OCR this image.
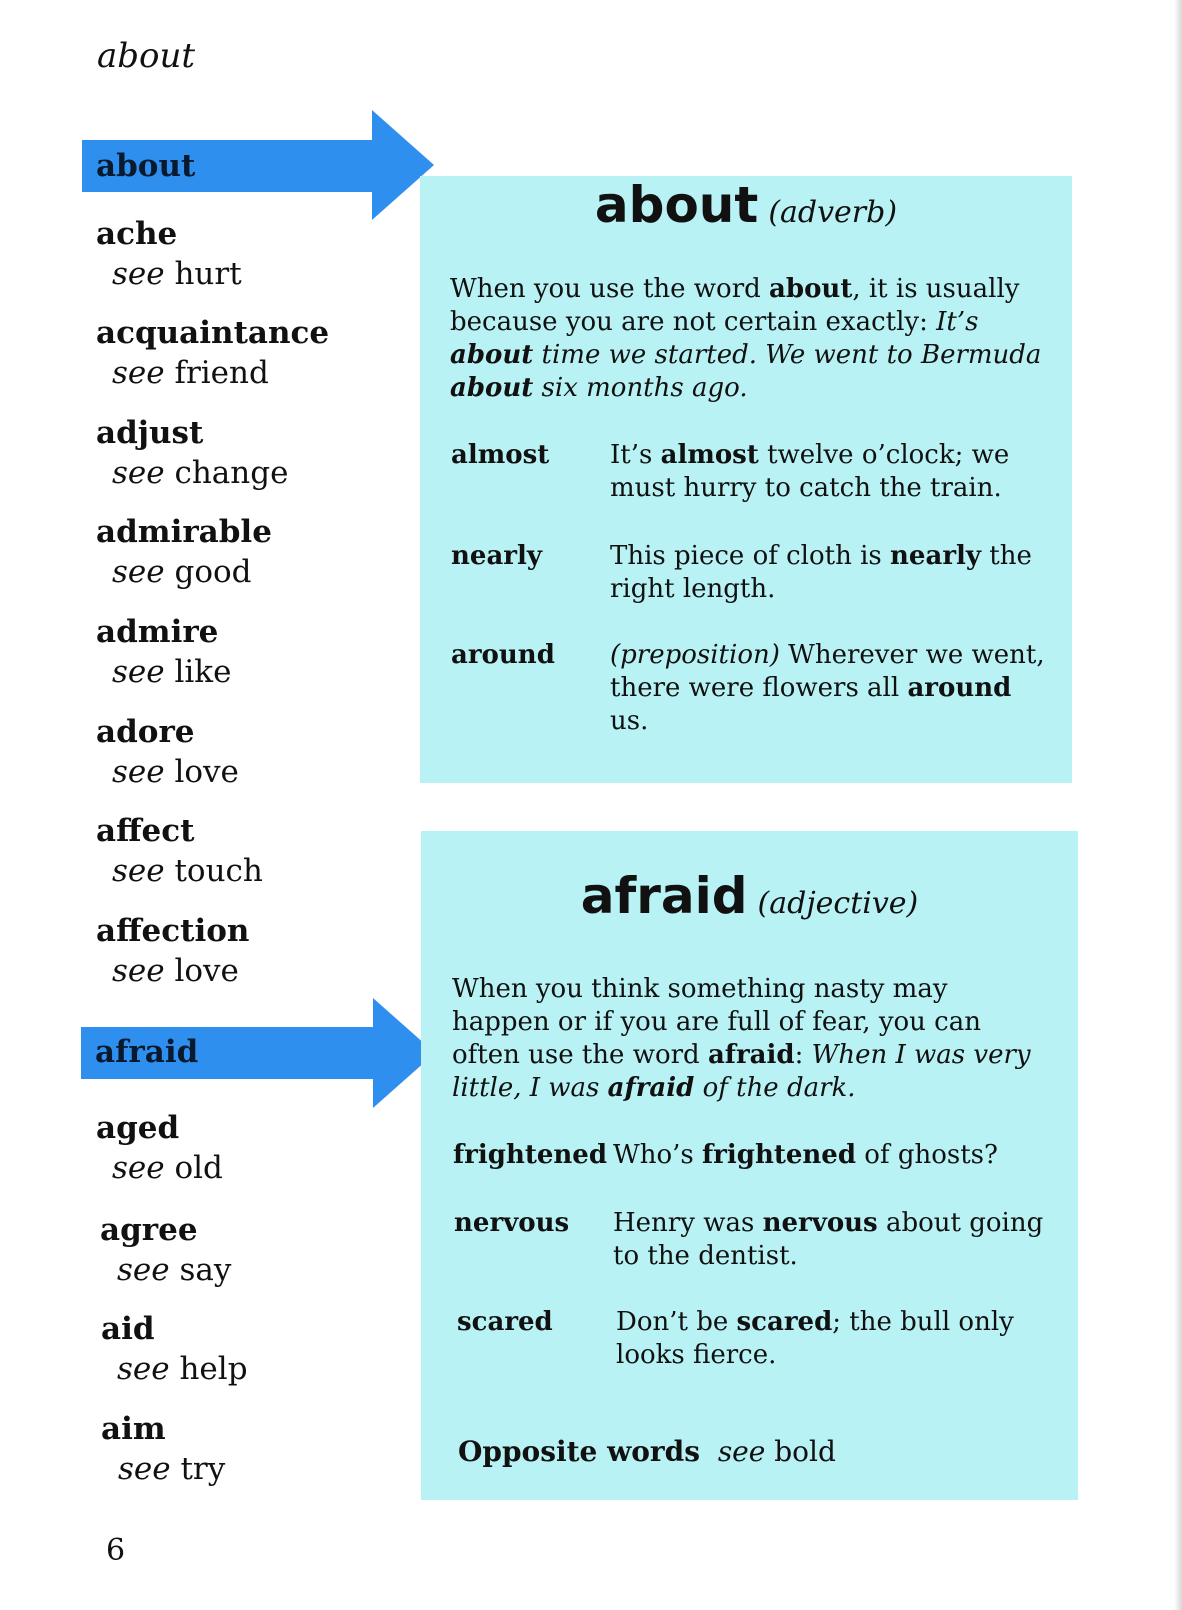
about
about
ache
see hurt
acquaintance
see friend
adjust
see change
admirable
see good
admire
see like
adore
see love
affect
see touch
affection
see love
afraid
aged
see old
agree
see say
aid
see help
aim
see try
about (adverb)
When you use the word about, it is usually because you are not certain exactly: It’s about time we started. We went to Bermuda about six months ago.
almost It’s almost twelve o’clock; we must hurry to catch the train.
nearly	This piece of cloth is nearly the right length.
around (preposition) Wherever we went, there were flowers all around us.
afraid (adjective)
When you think something nasty may happen or if you are full of fear, you can often use the word afraid: When I was very little, I was afraid of the dark.
frightened Who’s frightened of ghosts?
nervous Henry was nervous about going to the dentist.
scared Don’t be scared; the bull only looks fierce.
Opposite words see bold
6
